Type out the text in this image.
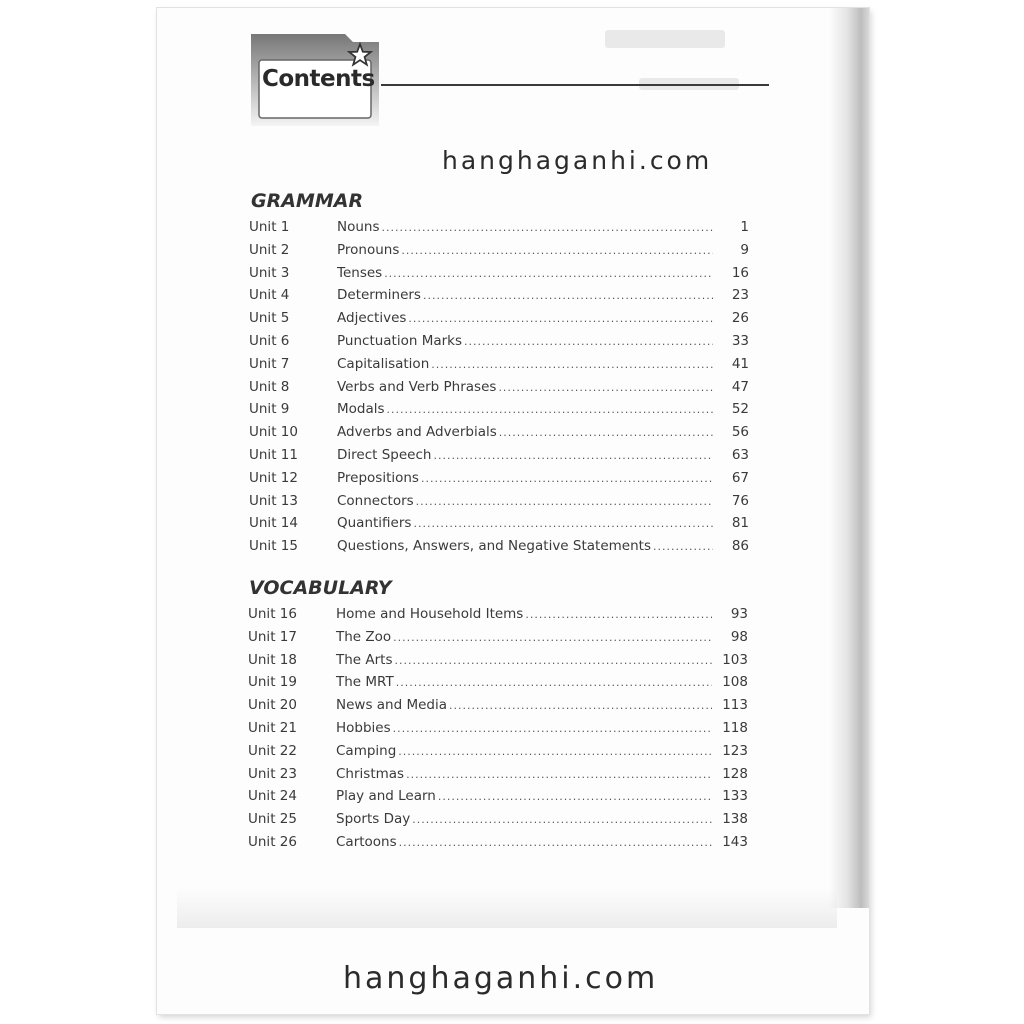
Contents
hanghaganhi.com
GRAMMAR
Unit 1	Nouns .....	1
Unit 2	Pronouns .....	9
Unit 3	Tenses .....	16
Unit 4	Determiners .....	23
Unit 5	Adjectives .....	26
Unit 6	Punctuation Marks .....	33
Unit 7	Capitalisation .....	41
Unit 8	Verbs and Verb Phrases .....	47
Unit 9	Modals .....	52
Unit 10	Adverbs and Adverbials .....	56
Unit 11	Direct Speech .....	63
Unit 12	Prepositions .....	67
Unit 13	Connectors .....	76
Unit 14	Quantifiers .....	81
Unit 15	Questions, Answers, and Negative Statements .....	86
VOCABULARY
Unit 16	Home and Household Items .....	93
Unit 17	The Zoo .....	98
Unit 18	The Arts .....	103
Unit 19	The MRT .....	108
Unit 20	News and Media .....	113
Unit 21	Hobbies .....	118
Unit 22	Camping .....	123
Unit 23	Christmas .....	128
Unit 24	Play and Learn .....	133
Unit 25	Sports Day .....	138
Unit 26	Cartoons .....	143
hanghaganhi.com
